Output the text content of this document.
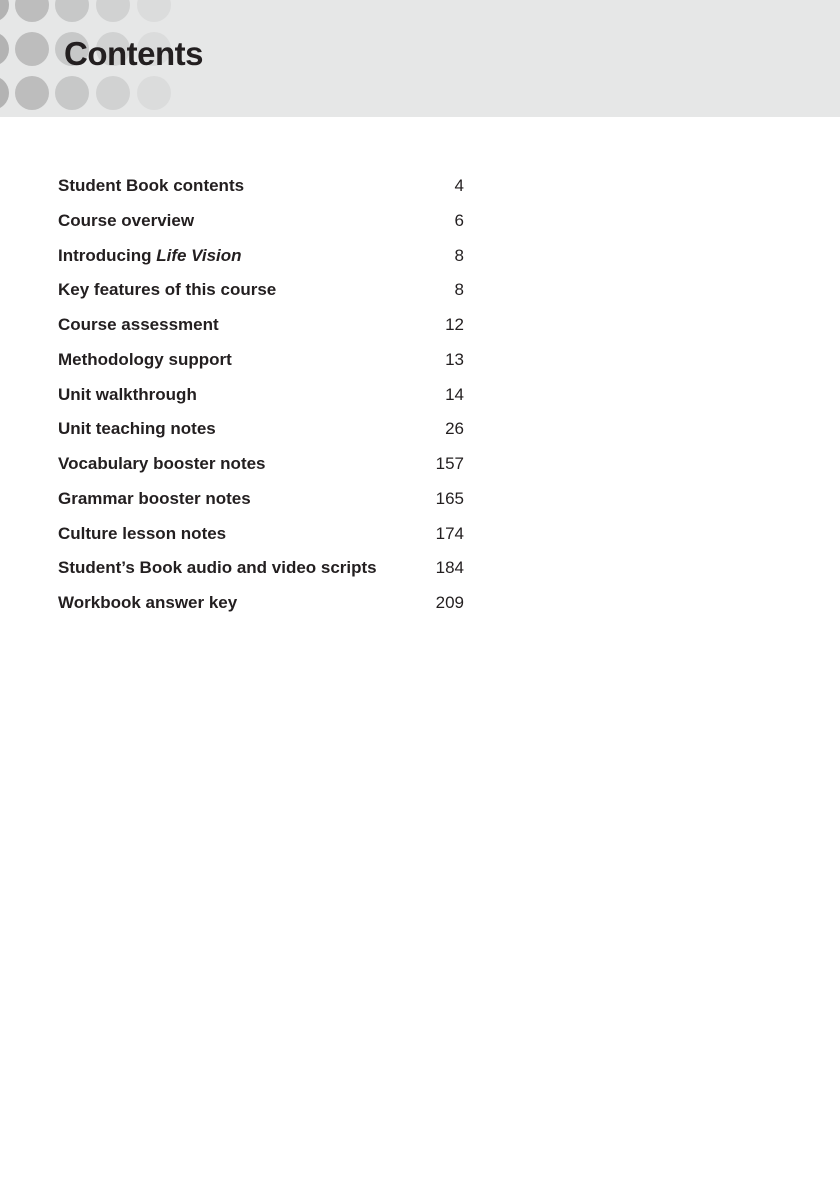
Contents
Student Book contents	4
Course overview	6
Introducing Life Vision	8
Key features of this course	8
Course assessment	12
Methodology support	13
Unit walkthrough	14
Unit teaching notes	26
Vocabulary booster notes	157
Grammar booster notes	165
Culture lesson notes	174
Student’s Book audio and video scripts	184
Workbook answer key	209
